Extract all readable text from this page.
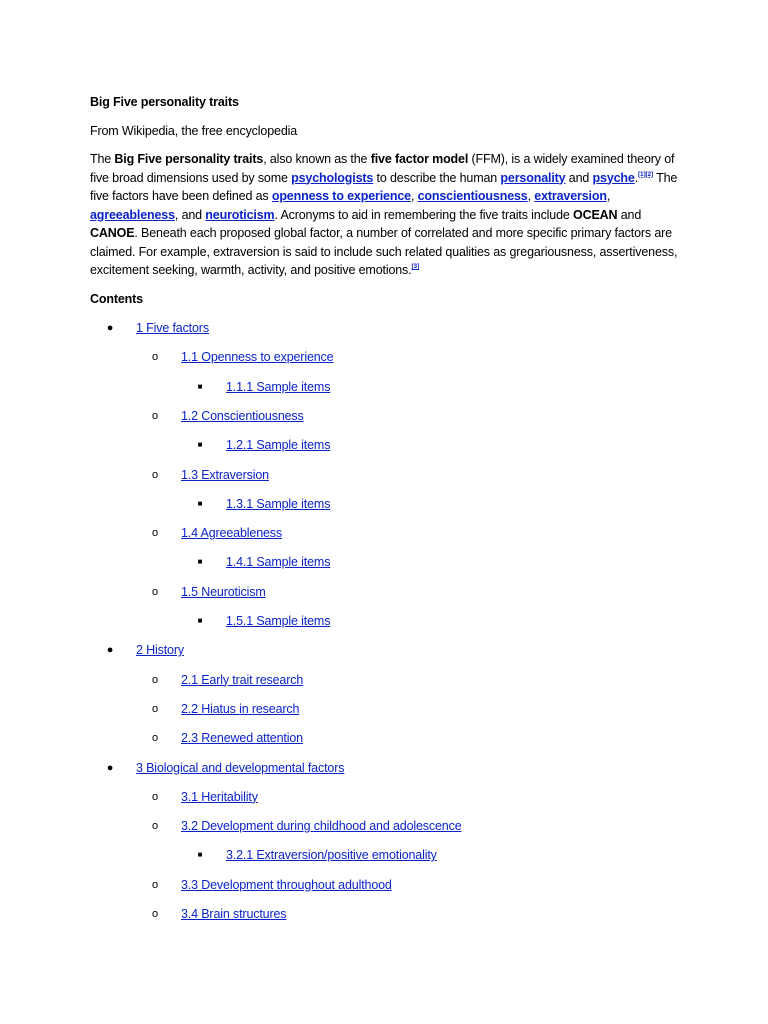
Big Five personality traits
From Wikipedia, the free encyclopedia
The Big Five personality traits, also known as the five factor model (FFM), is a widely examined theory of five broad dimensions used by some psychologists to describe the human personality and psyche.[1][2] The five factors have been defined as openness to experience, conscientiousness, extraversion, agreeableness, and neuroticism. Acronyms to aid in remembering the five traits include OCEAN and CANOE. Beneath each proposed global factor, a number of correlated and more specific primary factors are claimed. For example, extraversion is said to include such related qualities as gregariousness, assertiveness, excitement seeking, warmth, activity, and positive emotions.[3]
Contents
● 1 Five factors
o 1.1 Openness to experience
■ 1.1.1 Sample items
o 1.2 Conscientiousness
■ 1.2.1 Sample items
o 1.3 Extraversion
■ 1.3.1 Sample items
o 1.4 Agreeableness
■ 1.4.1 Sample items
o 1.5 Neuroticism
■ 1.5.1 Sample items
● 2 History
o 2.1 Early trait research
o 2.2 Hiatus in research
o 2.3 Renewed attention
● 3 Biological and developmental factors
o 3.1 Heritability
o 3.2 Development during childhood and adolescence
■ 3.2.1 Extraversion/positive emotionality
o 3.3 Development throughout adulthood
o 3.4 Brain structures
